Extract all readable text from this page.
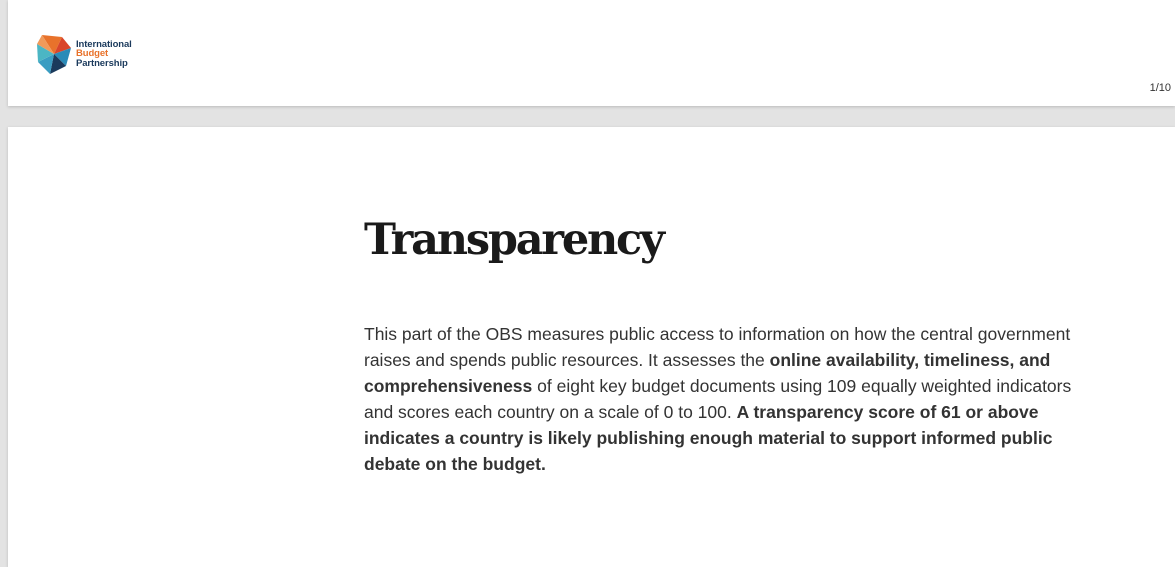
International
Budget
Partnership
1/10
Transparency

This part of the OBS measures public access to information on how the central government raises and spends public resources. It assesses the online availability, timeliness, and comprehensiveness of eight key budget documents using 109 equally weighted indicators and scores each country on a scale of 0 to 100. A transparency score of 61 or above indicates a country is likely publishing enough material to support informed public debate on the budget.
